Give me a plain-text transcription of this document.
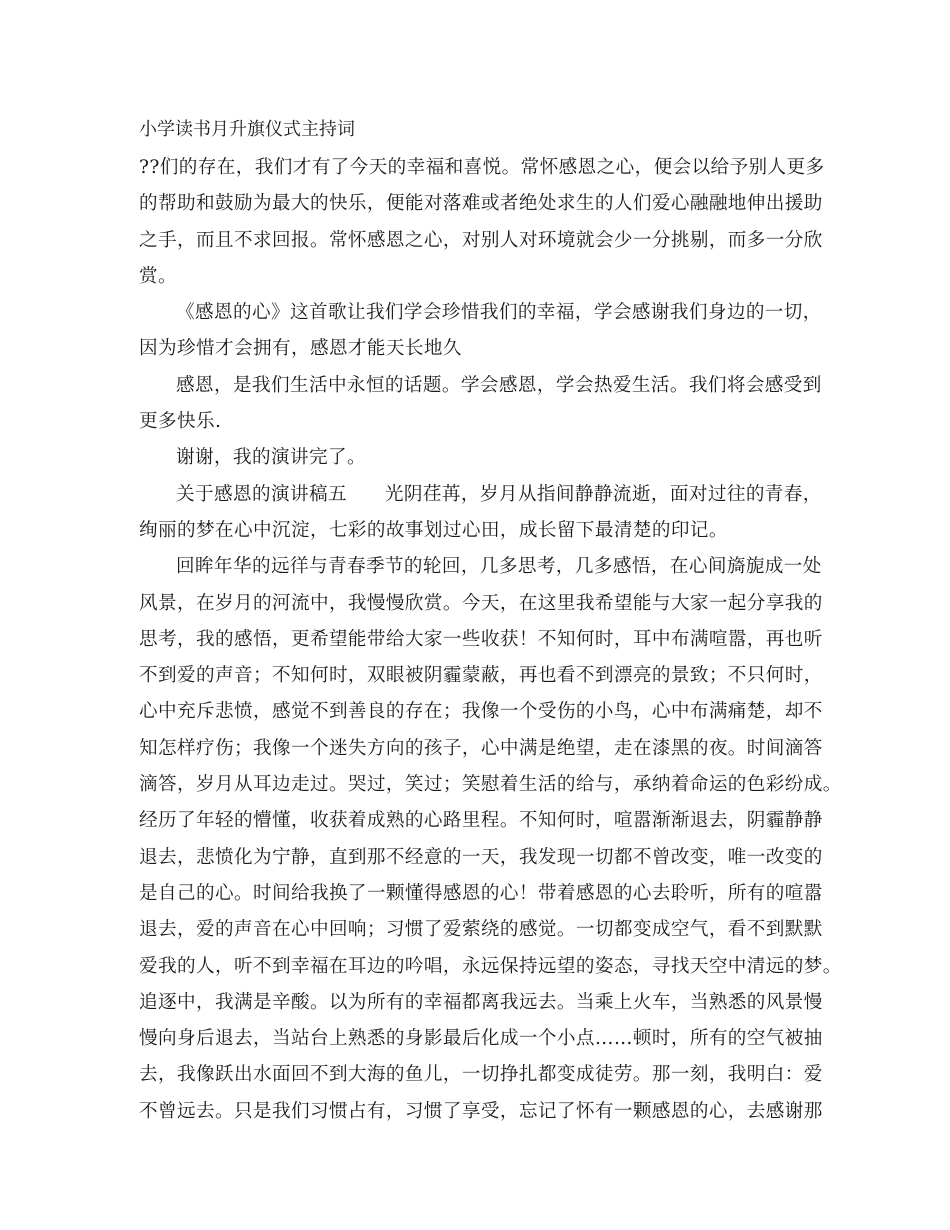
小学读书月升旗仪式主持词
??们的存在，我们才有了今天的幸福和喜悦。常怀感恩之心，便会以给予别人更多
的帮助和鼓励为最大的快乐，便能对落难或者绝处求生的人们爱心融融地伸出援助
之手，而且不求回报。常怀感恩之心，对别人对环境就会少一分挑剔，而多一分欣
赏。
《感恩的心》这首歌让我们学会珍惜我们的幸福，学会感谢我们身边的一切，
因为珍惜才会拥有，感恩才能天长地久
感恩，是我们生活中永恒的话题。学会感恩，学会热爱生活。我们将会感受到
更多快乐.
谢谢，我的演讲完了。
关于感恩的演讲稿五　　光阴荏苒，岁月从指间静静流逝，面对过往的青春，
绚丽的梦在心中沉淀，七彩的故事划过心田，成长留下最清楚的印记。
回眸年华的远徉与青春季节的轮回，几多思考，几多感悟，在心间旖旎成一处
风景，在岁月的河流中，我慢慢欣赏。今天，在这里我希望能与大家一起分享我的
思考，我的感悟，更希望能带给大家一些收获！不知何时，耳中布满喧嚣，再也听
不到爱的声音；不知何时，双眼被阴霾蒙蔽，再也看不到漂亮的景致；不只何时，
心中充斥悲愤，感觉不到善良的存在；我像一个受伤的小鸟，心中布满痛楚，却不
知怎样疗伤；我像一个迷失方向的孩子，心中满是绝望，走在漆黑的夜。时间滴答
滴答，岁月从耳边走过。哭过，笑过；笑慰着生活的给与，承纳着命运的色彩纷成。
经历了年轻的懵懂，收获着成熟的心路里程。不知何时，喧嚣渐渐退去，阴霾静静
退去，悲愤化为宁静，直到那不经意的一天，我发现一切都不曾改变，唯一改变的
是自己的心。时间给我换了一颗懂得感恩的心！带着感恩的心去聆听，所有的喧嚣
退去，爱的声音在心中回响；习惯了爱萦绕的感觉。一切都变成空气，看不到默默
爱我的人，听不到幸福在耳边的吟唱，永远保持远望的姿态，寻找天空中清远的梦。
追逐中，我满是辛酸。以为所有的幸福都离我远去。当乘上火车，当熟悉的风景慢
慢向身后退去，当站台上熟悉的身影最后化成一个小点……顿时，所有的空气被抽
去，我像跃出水面回不到大海的鱼儿，一切挣扎都变成徒劳。那一刻，我明白：爱
不曾远去。只是我们习惯占有，习惯了享受，忘记了怀有一颗感恩的心，去感谢那
